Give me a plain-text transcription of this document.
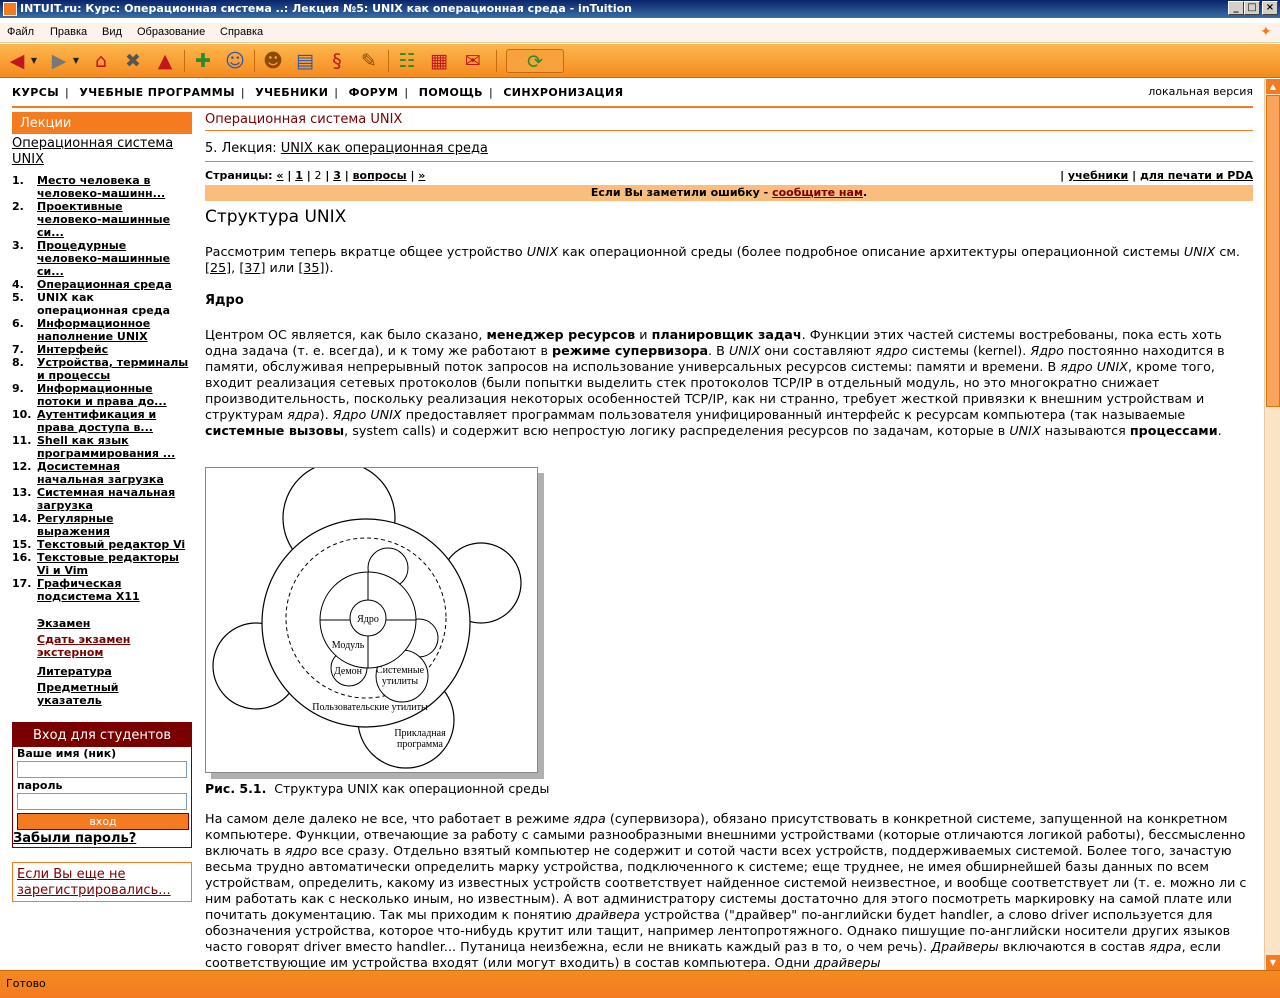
INTUIT.ru: Курс: Операционная система ..: Лекция №5: UNIX как операционная среда - inTuition	_ □ ×
Файл Правка Вид Образование Справка	✦
◀ ▼ ▶ ▼ ⌂ ✖ ▲ ✚ ☺ ☻ ▤ §	✎ ☷ ▦ ✉	⟳
КУРСЫ | УЧЕБНЫЕ ПРОГРАММЫ | УЧЕБНИКИ | ФОРУМ | ПОМОЩЬ | СИНХРОНИЗАЦИЯ	локальная версия
Лекции
Операционная система UNIX
1. Место человека в
человеко-машинн...
2. Проективные
человеко-машинные
си...
3. Процедурные
человеко-машинные
си...
4. Операционная среда
5. UNIX как
операционная среда
6. Информационное
наполнение UNIX
7. Интерфейс
8. Устройства, терминалы
и процессы
9. Информационные
потоки и права до...
10. Аутентификация и
права доступа в...
11. Shell как язык
программирования ...
12. Досистемная
начальная загрузка
13. Системная начальная
загрузка
14. Регулярные
выражения
15. Текстовый редактор Vi
16. Текстовые редакторы
Vi и Vim
17. Графическая
подсистема X11
Экзамен
Сдать экзамен экстерном
Литература
Предметный указатель
Вход для студентов
Ваше имя (ник)
пароль
вход
Забыли пароль?
Если Вы еще не зарегистрировались...
Операционная система UNIX
5. Лекция: UNIX как операционная среда
Страницы: « | 1 | 2 | 3 | вопросы | »	| учебники | для печати и PDA
Если Вы заметили ошибку - сообщите нам.
Структура UNIX
Рассмотрим теперь вкратце общее устройство UNIX как операционной среды (более подробное описание архитектуры операционной системы UNIX см. [25], [37] или [35]).
Ядро
Центром ОС является, как было сказано, менеджер ресурсов и планировщик задач. Функции этих частей системы востребованы, пока есть хоть одна задача (т. е. всегда), и к тому же работают в режиме супервизора. В UNIX они составляют ядро системы (kernel). Ядро постоянно находится в памяти, обслуживая непрерывный поток запросов на использование универсальных ресурсов системы: памяти и времени. В ядро UNIX, кроме того, входит реализация сетевых протоколов (были попытки выделить стек протоколов TCP/IP в отдельный модуль, но это многократно снижает производительность, поскольку реализация некоторых особенностей TCP/IP, как ни странно, требует жесткой привязки к внешним устройствам и структурам ядра). Ядро UNIX предоставляет программам пользователя унифицированный интерфейс к ресурсам компьютера (так называемые системные вызовы, system calls) и содержит всю непростую логику распределения ресурсов по задачам, которые в UNIX называются процессами.
Ядро
Модуль
Демон Системные
утилиты
Пользовательские утилиты
Прикладная
программа
Рис. 5.1. Структура UNIX как операционной среды
На самом деле далеко не все, что работает в режиме ядра (супервизора), обязано присутствовать в конкретной системе, запущенной на конкретном компьютере. Функции, отвечающие за работу с самыми разнообразными внешними устройствами (которые отличаются логикой работы), бессмысленно включать в ядро все сразу. Отдельно взятый компьютер не содержит и сотой части всех устройств, поддерживаемых системой. Более того, зачастую весьма трудно автоматически определить марку устройства, подключенного к системе; еще труднее, не имея обширнейшей базы данных по всем устройствам, определить, какому из известных устройств соответствует найденное системой неизвестное, и вообще соответствует ли (т. е. можно ли с ним работать как с несколько иным, но известным). А вот администратору системы достаточно для этого посмотреть маркировку на самой плате или почитать документацию. Так мы приходим к понятию драйвера устройства ("драйвер" по-английски будет handler, а слово driver используется для обозначения устройства, которое что-нибудь крутит или тащит, например лентопротяжного. Однако пишущие по-английски носители других языков часто говорят driver вместо handler... Путаница неизбежна, если не вникать каждый раз в то, о чем речь). Драйверы включаются в состав ядра, если соответствующие им устройства входят (или могут входить) в состав компьютера. Одни драйверы
▲
▼
Готово
